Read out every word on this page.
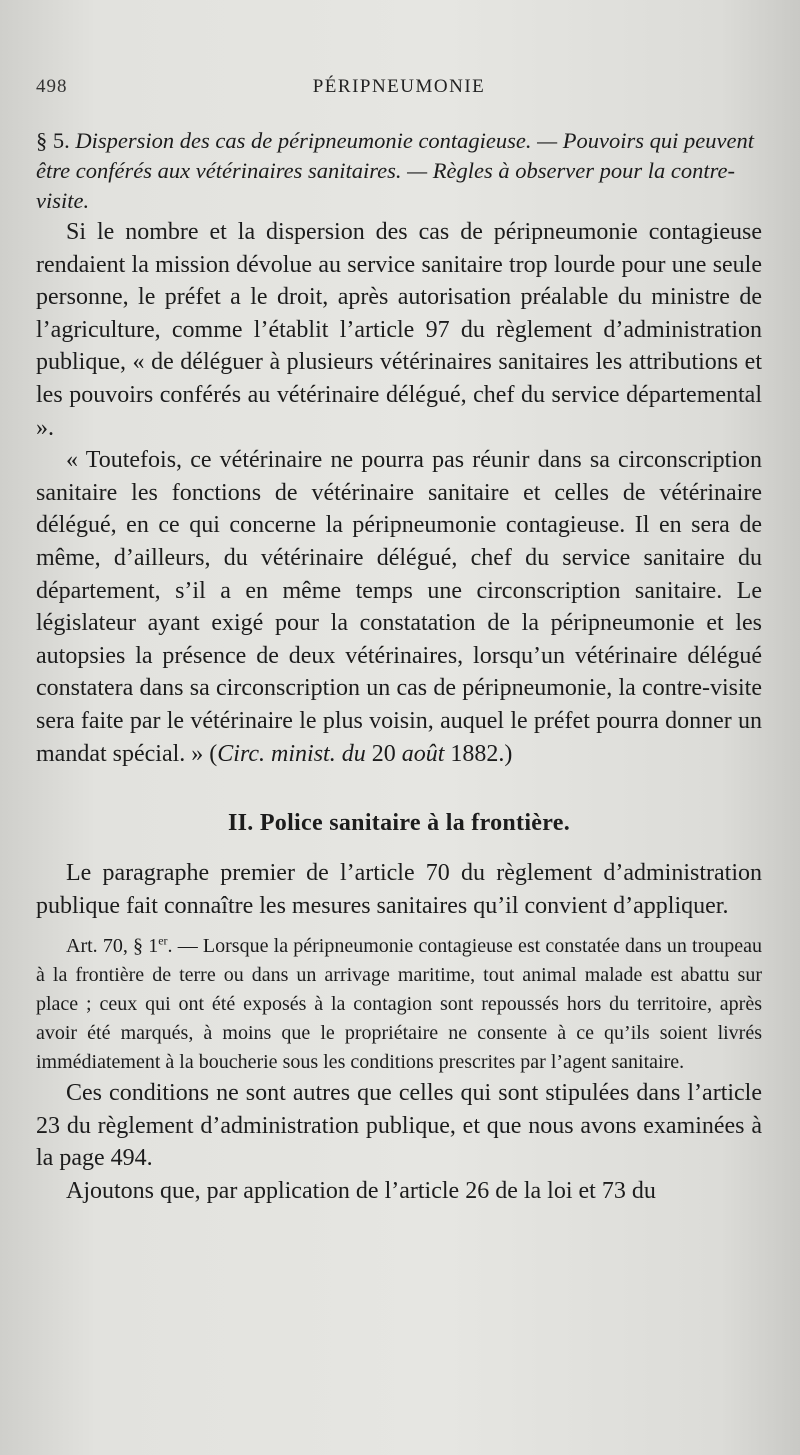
498	PÉRIPNEUMONIE
§ 5. Dispersion des cas de péripneumonie contagieuse. — Pouvoirs qui peuvent être conférés aux vétérinaires sanitaires. — Règles à observer pour la contre-visite.

Si le nombre et la dispersion des cas de péripneumonie contagieuse rendaient la mission dévolue au service sanitaire trop lourde pour une seule personne, le préfet a le droit, après autorisation préalable du ministre de l’agriculture, comme l’établit l’article 97 du règlement d’administration publique, « de déléguer à plusieurs vétérinaires sanitaires les attributions et les pouvoirs conférés au vétérinaire délégué, chef du service départemental ».

« Toutefois, ce vétérinaire ne pourra pas réunir dans sa circonscription sanitaire les fonctions de vétérinaire sanitaire et celles de vétérinaire délégué, en ce qui concerne la péripneumonie contagieuse. Il en sera de même, d’ailleurs, du vétérinaire délégué, chef du service sanitaire du département, s’il a en même temps une circonscription sanitaire. Le législateur ayant exigé pour la constatation de la péripneumonie et les autopsies la présence de deux vétérinaires, lorsqu’un vétérinaire délégué constatera dans sa circonscription un cas de péripneumonie, la contre-visite sera faite par le vétérinaire le plus voisin, auquel le préfet pourra donner un mandat spécial. » (Circ. minist. du 20 août 1882.)

II. Police sanitaire à la frontière.

Le paragraphe premier de l’article 70 du règlement d’administration publique fait connaître les mesures sanitaires qu’il convient d’appliquer.

Art. 70, § 1er. — Lorsque la péripneumonie contagieuse est constatée dans un troupeau à la frontière de terre ou dans un arrivage maritime, tout animal malade est abattu sur place ; ceux qui ont été exposés à la contagion sont repoussés hors du territoire, après avoir été marqués, à moins que le propriétaire ne consente à ce qu’ils soient livrés immédiatement à la boucherie sous les conditions prescrites par l’agent sanitaire.

Ces conditions ne sont autres que celles qui sont stipulées dans l’article 23 du règlement d’administration publique, et que nous avons examinées à la page 494.

Ajoutons que, par application de l’article 26 de la loi et 73 du
